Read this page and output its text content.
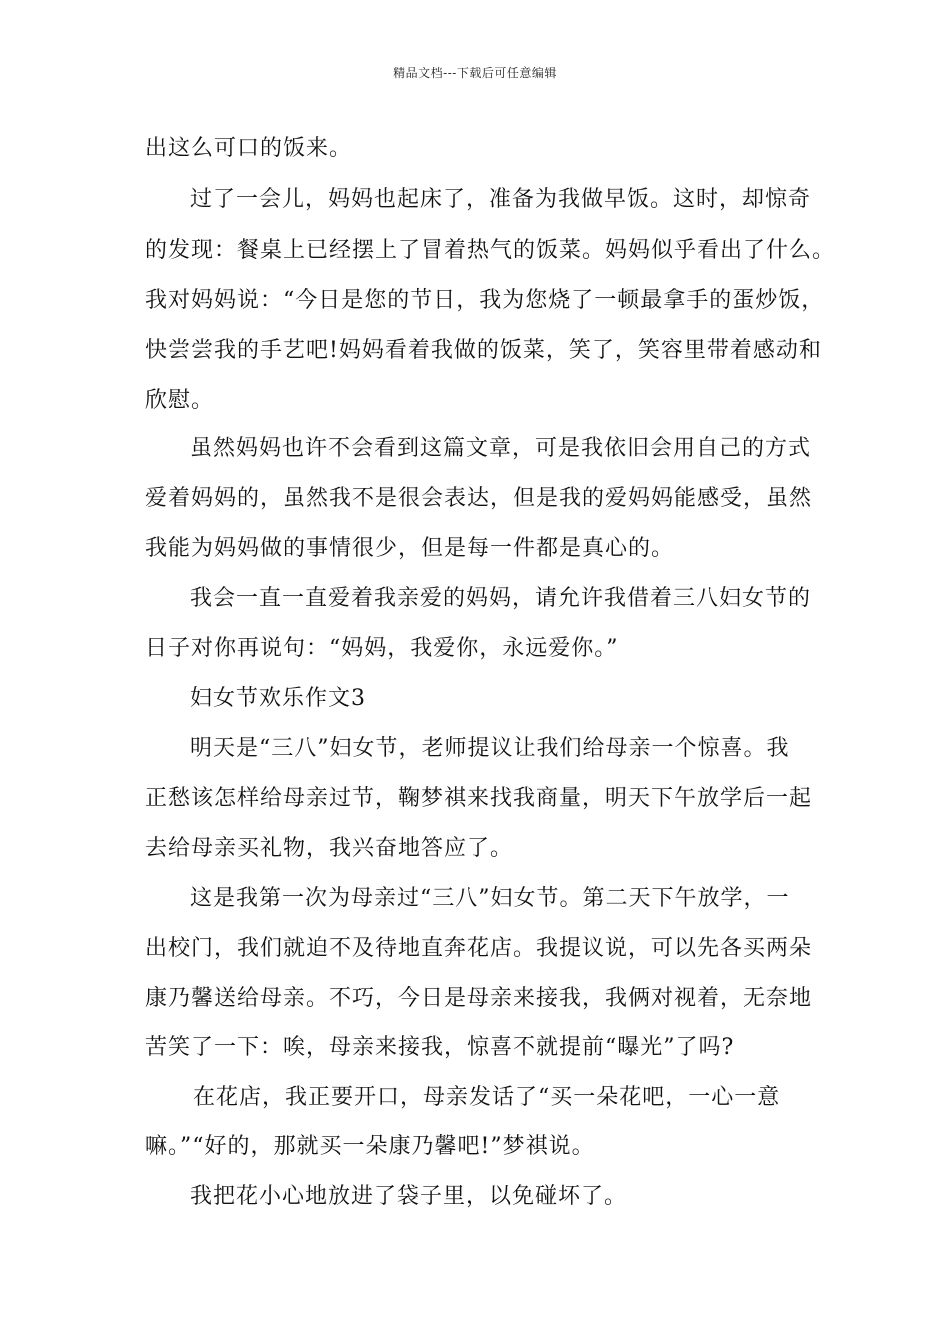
精品文档---下载后可任意编辑
出这么可口的饭来。
过了一会儿，妈妈也起床了，准备为我做早饭。这时，却惊奇
的发现：餐桌上已经摆上了冒着热气的饭菜。妈妈似乎看出了什么。
我对妈妈说：“今日是您的节日，我为您烧了一顿最拿手的蛋炒饭，
快尝尝我的手艺吧!妈妈看着我做的饭菜，笑了，笑容里带着感动和
欣慰。
虽然妈妈也许不会看到这篇文章，可是我依旧会用自己的方式
爱着妈妈的，虽然我不是很会表达，但是我的爱妈妈能感受，虽然
我能为妈妈做的事情很少，但是每一件都是真心的。
我会一直一直爱着我亲爱的妈妈，请允许我借着三八妇女节的
日子对你再说句：“妈妈，我爱你，永远爱你。”
妇女节欢乐作文3
明天是“三八”妇女节，老师提议让我们给母亲一个惊喜。我
正愁该怎样给母亲过节，鞠梦祺来找我商量，明天下午放学后一起
去给母亲买礼物，我兴奋地答应了。
这是我第一次为母亲过“三八”妇女节。第二天下午放学，一
出校门，我们就迫不及待地直奔花店。我提议说，可以先各买两朵
康乃馨送给母亲。不巧，今日是母亲来接我，我俩对视着，无奈地
苦笑了一下：唉，母亲来接我，惊喜不就提前“曝光”了吗?
在花店，我正要开口，母亲发话了“买一朵花吧，一心一意
嘛。”“好的，那就买一朵康乃馨吧!”梦祺说。
我把花小心地放进了袋子里，以免碰坏了。
